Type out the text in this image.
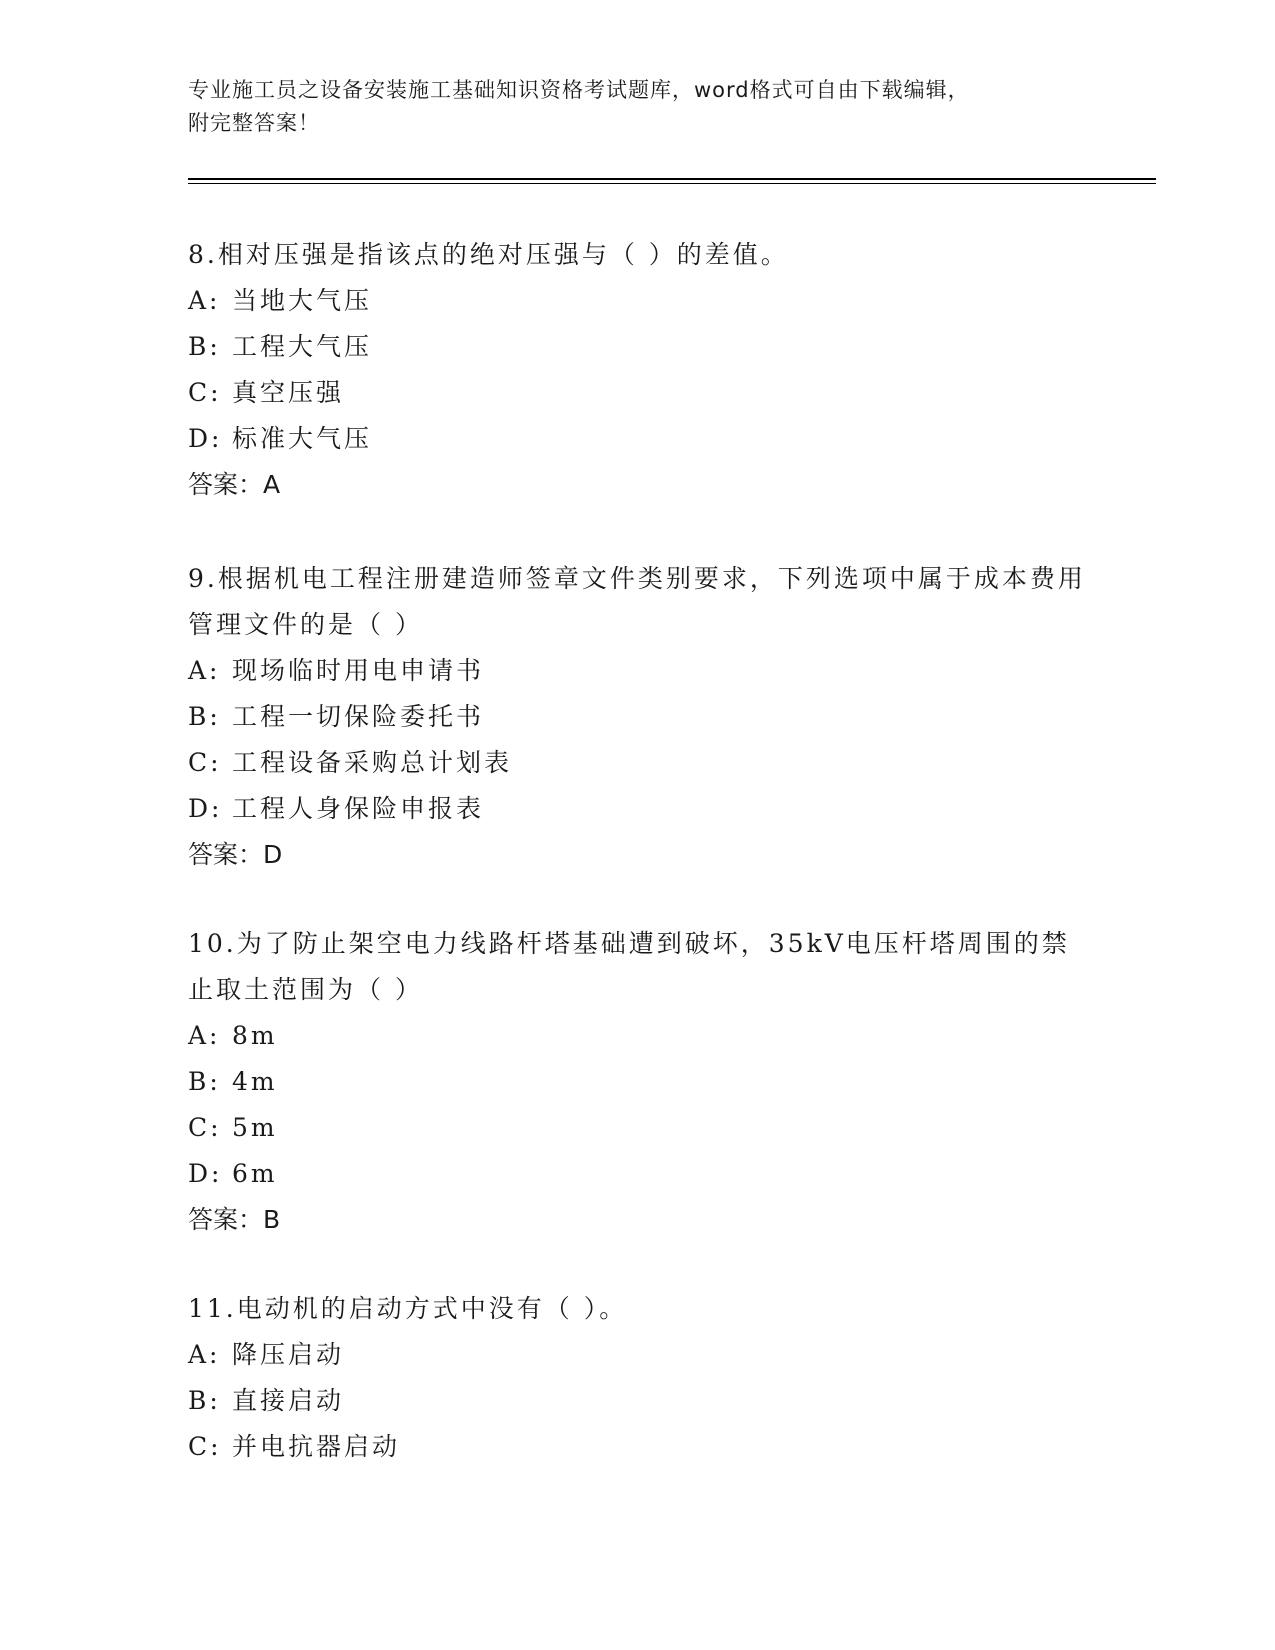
专业施工员之设备安装施工基础知识资格考试题库，word格式可自由下载编辑，
附完整答案！

8.相对压强是指该点的绝对压强与（ ）的差值。

A: 当地大气压

B: 工程大气压

C: 真空压强

D: 标准大气压

答案：A

9.根据机电工程注册建造师签章文件类别要求，下列选项中属于成本费用管理文件的是（ ）

A: 现场临时用电申请书

B: 工程一切保险委托书

C: 工程设备采购总计划表

D: 工程人身保险申报表

答案：D

10.为了防止架空电力线路杆塔基础遭到破坏，35kV电压杆塔周围的禁止取土范围为（ ）

A: 8m

B: 4m

C: 5m

D: 6m

答案：B

11.电动机的启动方式中没有（ ）。

A: 降压启动

B: 直接启动

C: 并电抗器启动
